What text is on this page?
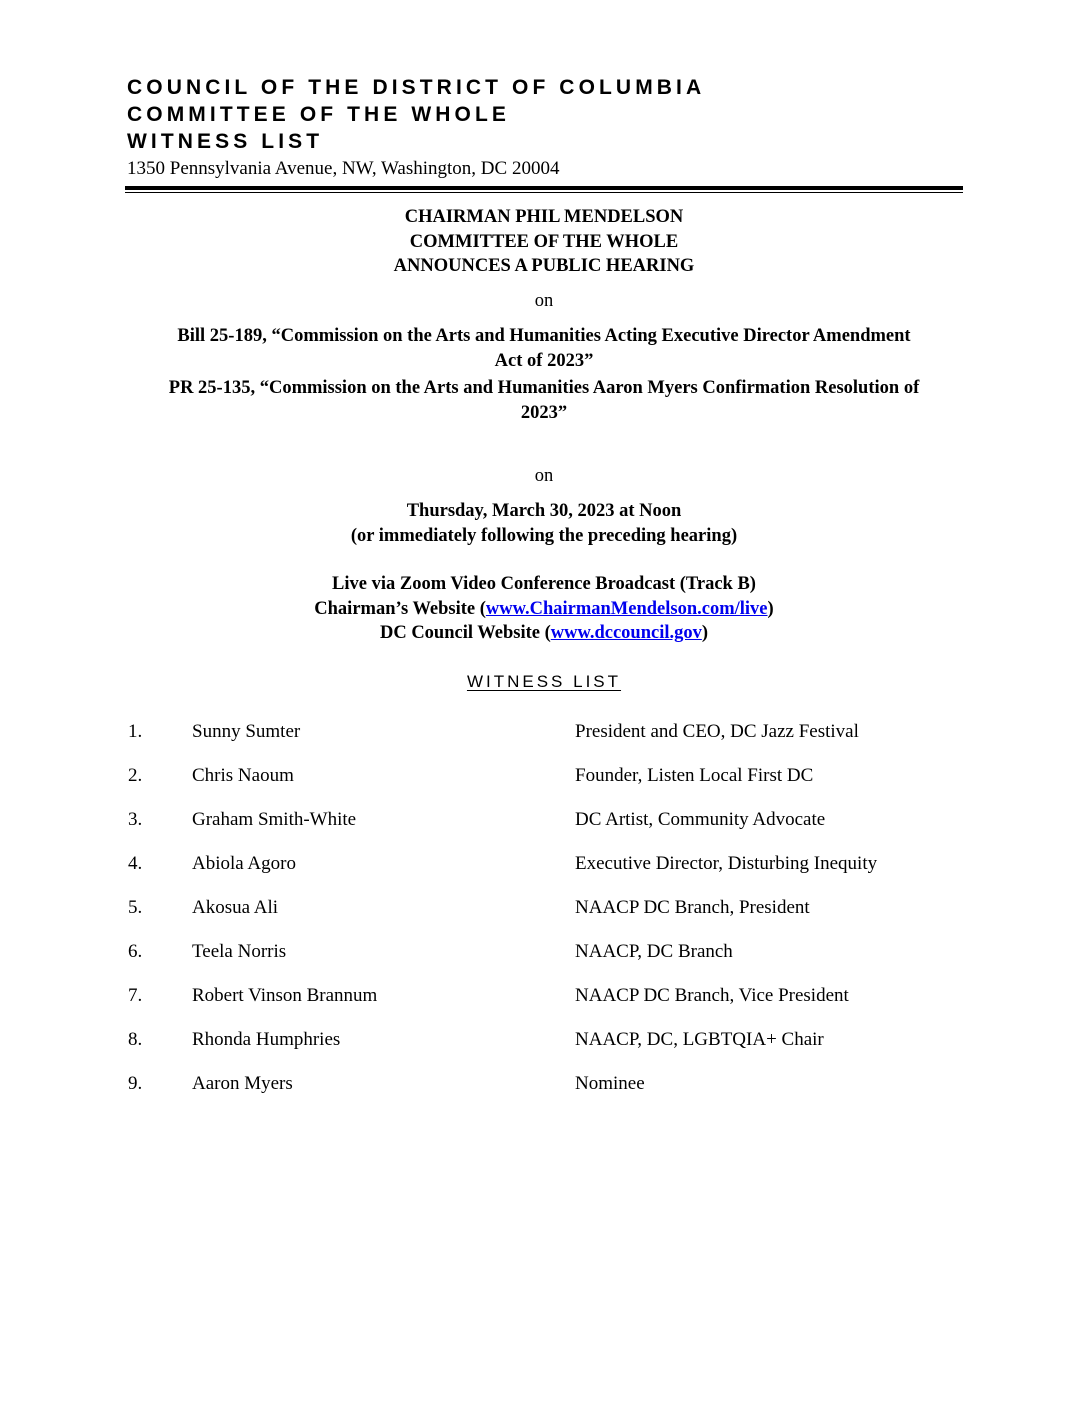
COUNCIL OF THE DISTRICT OF COLUMBIA
COMMITTEE OF THE WHOLE
WITNESS LIST
1350 Pennsylvania Avenue, NW, Washington, DC 20004
CHAIRMAN PHIL MENDELSON
COMMITTEE OF THE WHOLE
ANNOUNCES A PUBLIC HEARING
on
Bill 25-189, “Commission on the Arts and Humanities Acting Executive Director Amendment
Act of 2023”
PR 25-135, “Commission on the Arts and Humanities Aaron Myers Confirmation Resolution of
2023”
on
Thursday, March 30, 2023 at Noon
(or immediately following the preceding hearing)
Live via Zoom Video Conference Broadcast (Track B)
Chairman’s Website (www.ChairmanMendelson.com/live)
DC Council Website (www.dccouncil.gov)
WITNESS LIST
1.	Sunny Sumter	President and CEO, DC Jazz Festival
2.	Chris Naoum	Founder, Listen Local First DC
3.	Graham Smith-White	DC Artist, Community Advocate
4.	Abiola Agoro	Executive Director, Disturbing Inequity
5.	Akosua Ali	NAACP DC Branch, President
6.	Teela Norris	NAACP, DC Branch
7.	Robert Vinson Brannum	NAACP DC Branch, Vice President
8.	Rhonda Humphries	NAACP, DC, LGBTQIA+ Chair
9.	Aaron Myers	Nominee
